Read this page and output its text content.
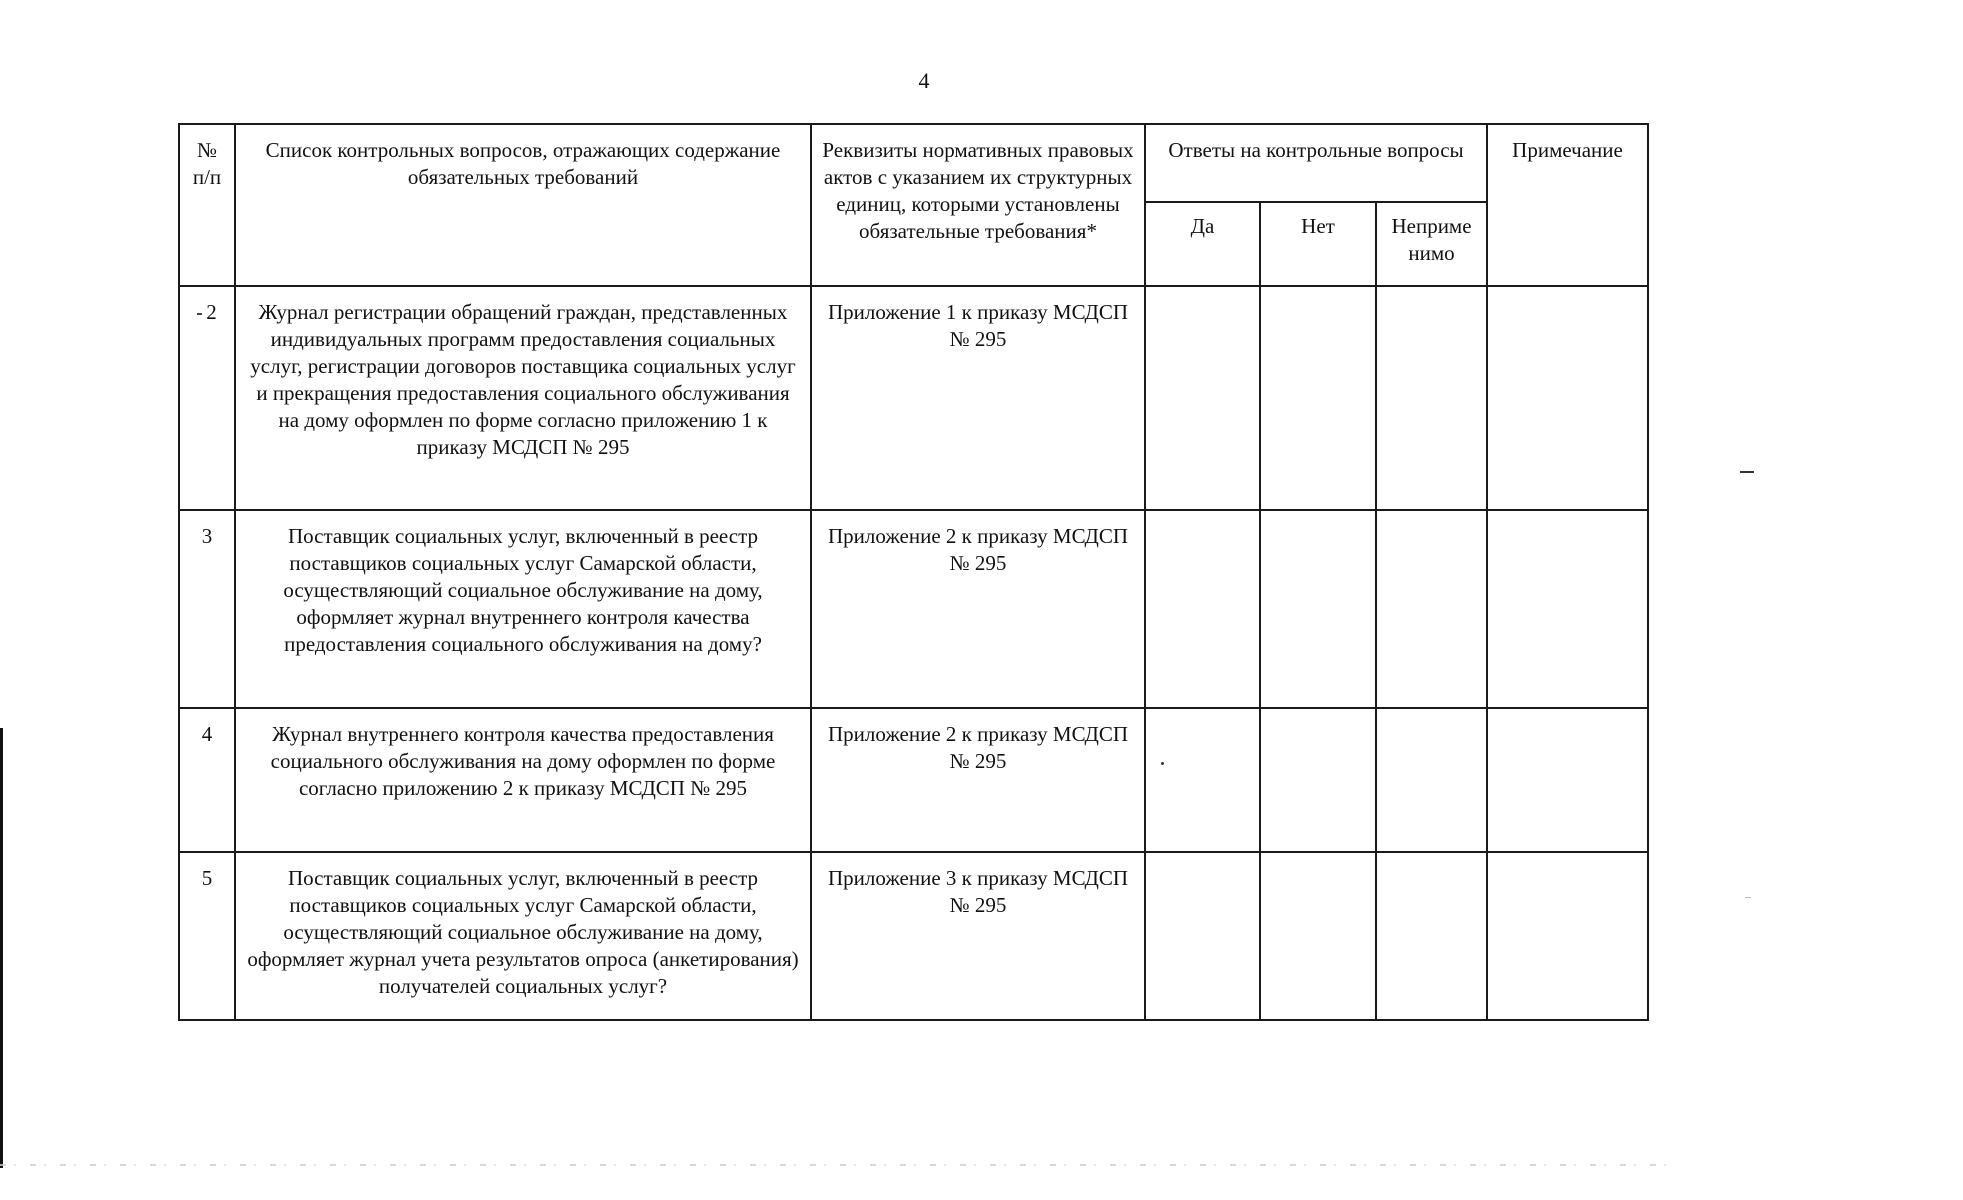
4
№ п/п	Список контрольных вопросов, отражающих содержание обязательных требований	Реквизиты нормативных правовых актов с указанием их структурных единиц, которыми установлены обязательные требования*	Ответы на контрольные вопросы			Примечание
			Да	Нет	Неприме нимо	
2	Журнал регистрации обращений граждан, представленных индивидуальных программ предоставления социальных услуг, регистрации договоров поставщика социальных услуг и прекращения предоставления социального обслуживания на дому оформлен по форме согласно приложению 1 к приказу МСДСП № 295	Приложение 1 к приказу МСДСП № 295				
3	Поставщик социальных услуг, включенный в реестр поставщиков социальных услуг Самарской области, осуществляющий социальное обслуживание на дому, оформляет журнал внутреннего контроля качества предоставления социального обслуживания на дому?	Приложение 2 к приказу МСДСП № 295				
4	Журнал внутреннего контроля качества предоставления социального обслуживания на дому оформлен по форме согласно приложению 2 к приказу МСДСП № 295	Приложение 2 к приказу МСДСП № 295				
5	Поставщик социальных услуг, включенный в реестр поставщиков социальных услуг Самарской области, осуществляющий социальное обслуживание на дому, оформляет журнал учета результатов опроса (анкетирования) получателей социальных услуг?	Приложение 3 к приказу МСДСП № 295				
